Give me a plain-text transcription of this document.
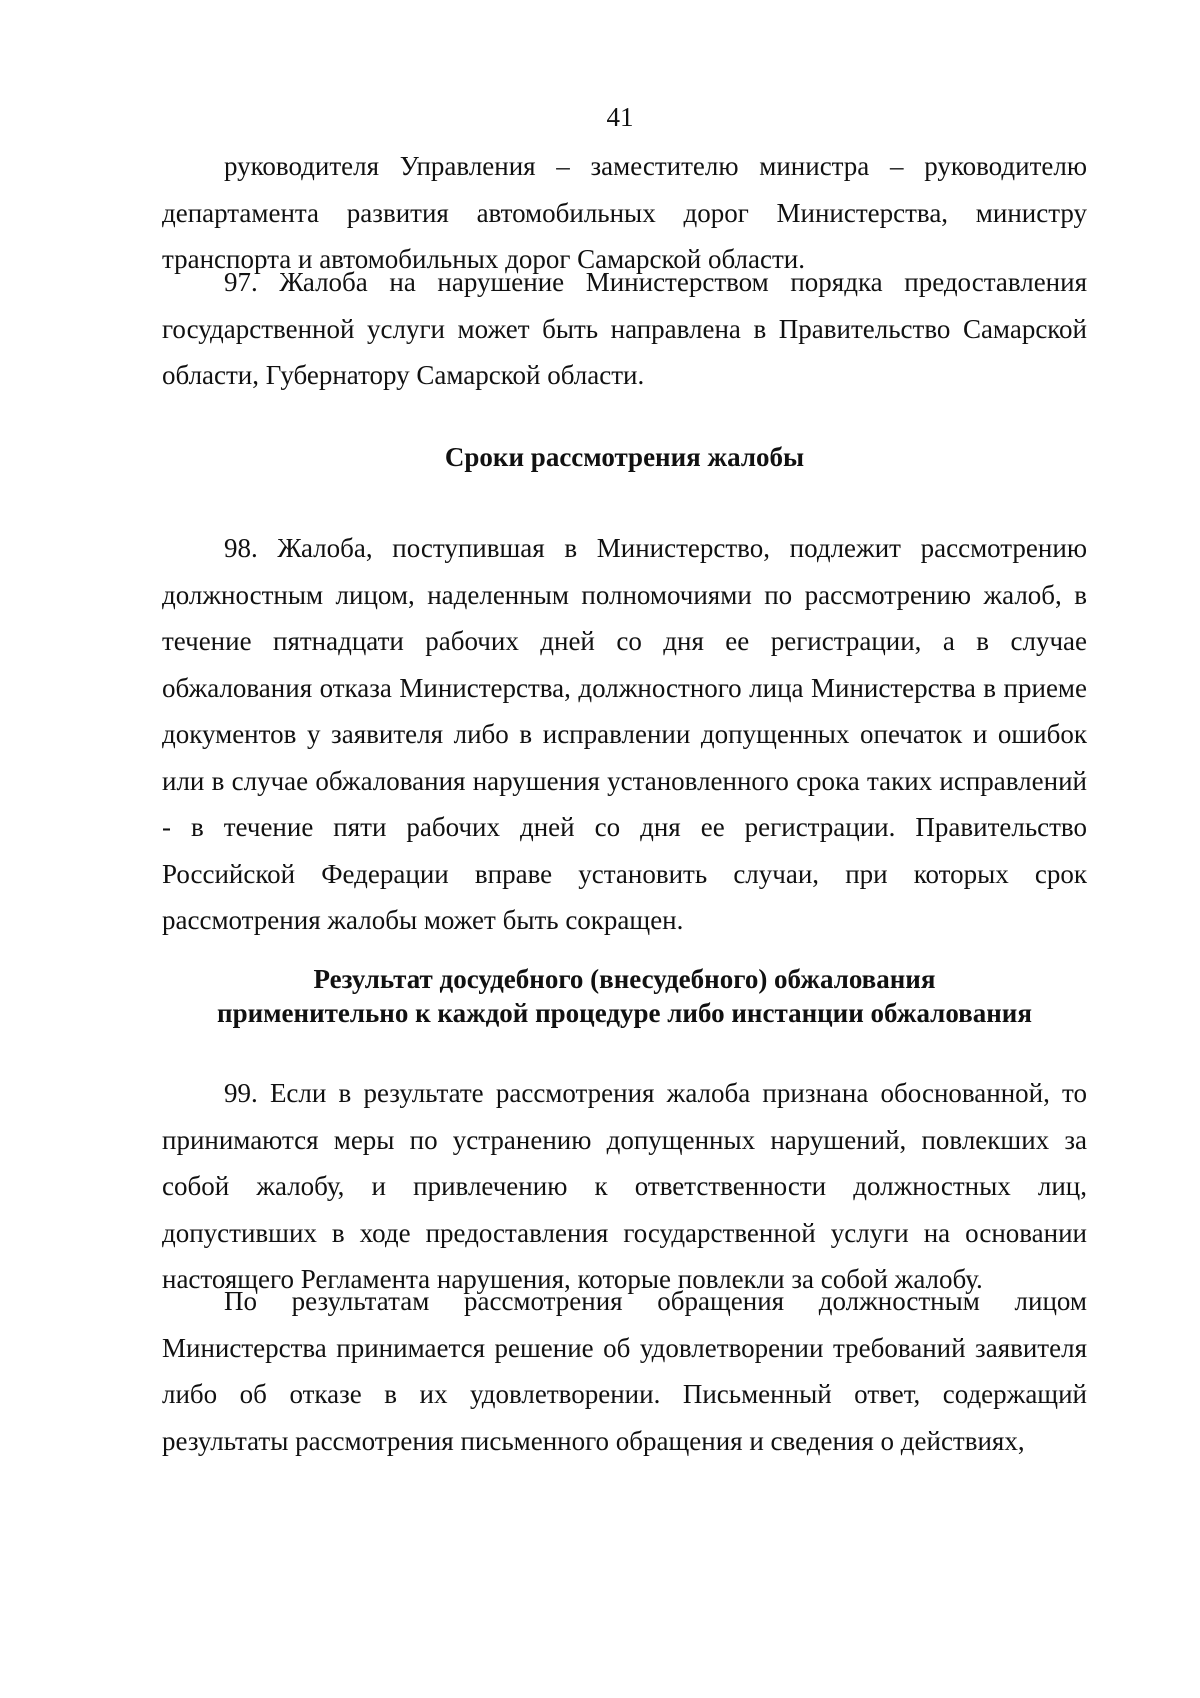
41

руководителя Управления – заместителю министра – руководителю департамента развития автомобильных дорог Министерства, министру транспорта и автомобильных дорог Самарской области.

97. Жалоба на нарушение Министерством порядка предоставления государственной услуги может быть направлена в Правительство Самарской области, Губернатору Самарской области.

Сроки рассмотрения жалобы

98. Жалоба, поступившая в Министерство, подлежит рассмотрению должностным лицом, наделенным полномочиями по рассмотрению жалоб, в течение пятнадцати рабочих дней со дня ее регистрации, а в случае обжалования отказа Министерства, должностного лица Министерства в приеме документов у заявителя либо в исправлении допущенных опечаток и ошибок или в случае обжалования нарушения установленного срока таких исправлений - в течение пяти рабочих дней со дня ее регистрации. Правительство Российской Федерации вправе установить случаи, при которых срок рассмотрения жалобы может быть сокращен.

Результат досудебного (внесудебного) обжалования
применительно к каждой процедуре либо инстанции обжалования

99. Если в результате рассмотрения жалоба признана обоснованной, то принимаются меры по устранению допущенных нарушений, повлекших за собой жалобу, и привлечению к ответственности должностных лиц, допустивших в ходе предоставления государственной услуги на основании настоящего Регламента нарушения, которые повлекли за собой жалобу.

По результатам рассмотрения обращения должностным лицом Министерства принимается решение об удовлетворении требований заявителя либо об отказе в их удовлетворении. Письменный ответ, содержащий результаты рассмотрения письменного обращения и сведения о действиях,
